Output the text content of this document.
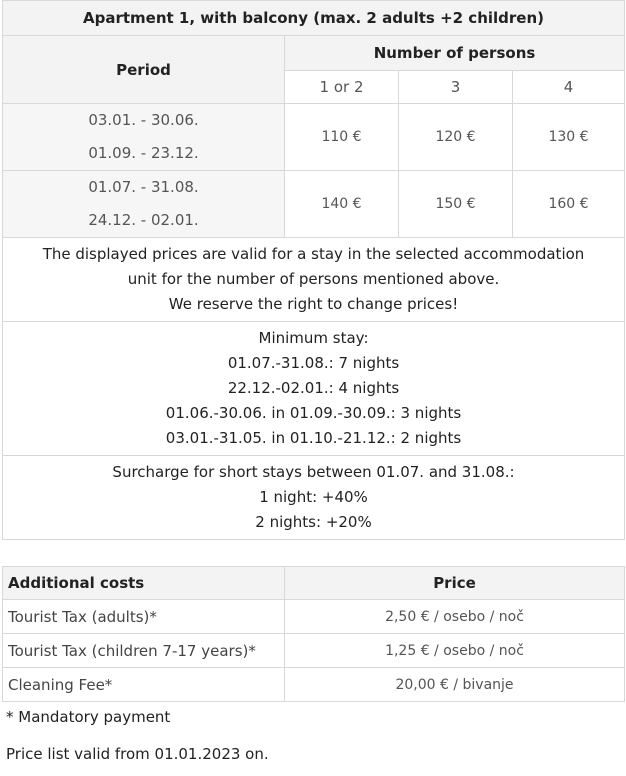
Apartment 1, with balcony (max. 2 adults +2 children)			
Period	Number of persons		
	1 or 2	3	4

03.01. - 30.06.
01.09. - 23.12.	110 €	120 €	130 €

01.07. - 31.08.
24.12. - 02.01.	140 €	150 €	160 €

The displayed prices are valid for a stay in the selected accommodation
unit for the number of persons mentioned above.
We reserve the right to change prices!			

Minimum stay:
01.07.-31.08.: 7 nights
22.12.-02.01.: 4 nights
01.06.-30.06. in 01.09.-30.09.: 3 nights
03.01.-31.05. in 01.10.-21.12.: 2 nights			

Surcharge for short stays between 01.07. and 31.08.:
1 night: +40%
2 nights: +20%			
Additional costs	Price
Tourist Tax (adults)*	2,50 € / osebo / noč
Tourist Tax (children 7-17 years)*	1,25 € / osebo / noč
Cleaning Fee*	20,00 € / bivanje
* Mandatory payment
Price list valid from 01.01.2023 on.
